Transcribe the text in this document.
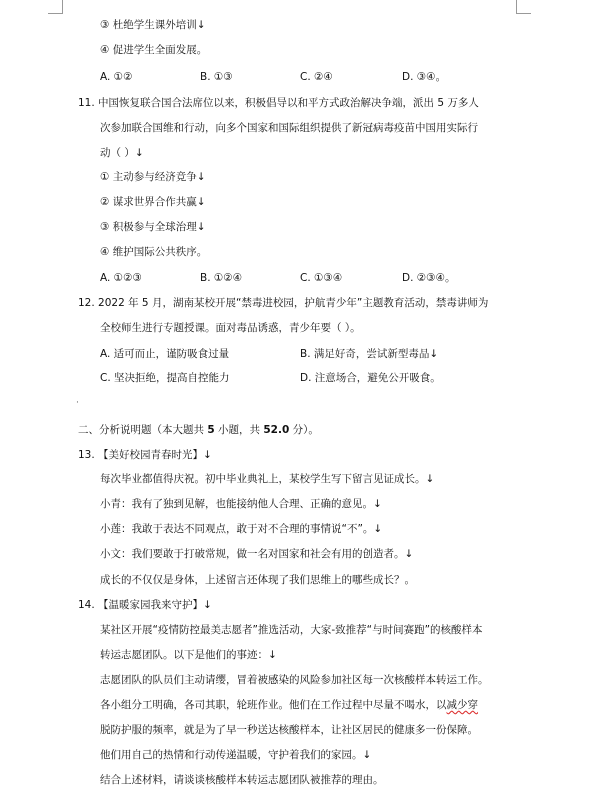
③ 杜绝学生课外培训↓
④ 促进学生全面发展。
A. ①②	B. ①③	C. ②④	D. ③④。
11. 中国恢复联合国合法席位以来，积极倡导以和平方式政治解决争端，派出 5 万多人
次参加联合国维和行动，向多个国家和国际组织提供了新冠病毒疫苗中国用实际行
动（ ）↓
① 主动参与经济竞争↓
② 谋求世界合作共赢↓
③ 积极参与全球治理↓
④ 维护国际公共秩序。
A. ①②③	B. ①②④	C. ①③④	D. ②③④。
12. 2022 年 5 月，湖南某校开展“禁毒进校园，护航青少年”主题教育活动，禁毒讲师为
全校师生进行专题授课。面对毒品诱惑，青少年要（ ）。
A. 适可而止，谨防吸食过量	B. 满足好奇，尝试新型毒品↓
C. 坚决拒绝，提高自控能力	D. 注意场合，避免公开吸食。
·
二、分析说明题（本大题共 5 小题，共 52.0 分）。
13. 【美好校园青春时光】↓
每次毕业都值得庆祝。初中毕业典礼上，某校学生写下留言见证成长。↓
小青：我有了独到见解，也能接纳他人合理、正确的意见。↓
小莲：我敢于表达不同观点，敢于对不合理的事情说“不”。↓
小文：我们要敢于打破常规，做一名对国家和社会有用的创造者。↓
成长的不仅仅是身体，上述留言还体现了我们思维上的哪些成长？。
14. 【温暖家园我来守护】↓
某社区开展“疫情防控最美志愿者”推选活动，大家-致推荐“与时间赛跑”的核酸样本
转运志愿团队。以下是他们的事迹：↓
志愿团队的队员们主动请缨，冒着被感染的风险参加社区每一次核酸样本转运工作。
各小组分工明确，各司其职，轮班作业。他们在工作过程中尽量不喝水，以减少穿
脱防护服的频率，就是为了早一秒送达核酸样本，让社区居民的健康多一份保障。
他们用自己的热情和行动传递温暖，守护着我们的家园。↓
结合上述材料，请谈谈核酸样本转运志愿团队被推荐的理由。
